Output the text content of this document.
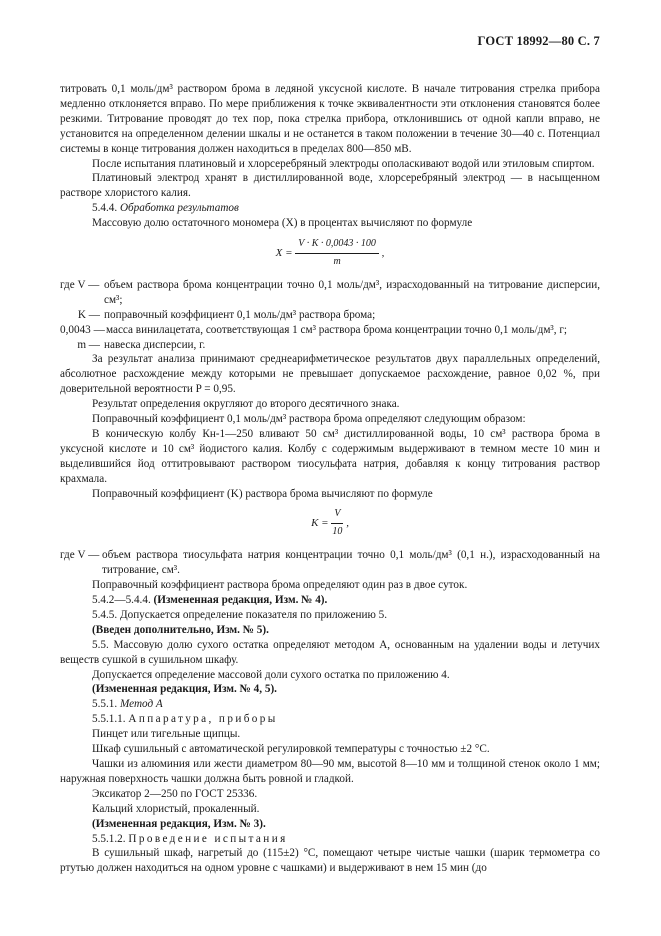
ГОСТ 18992—80 С. 7

титровать 0,1 моль/дм³ раствором брома в ледяной уксусной кислоте. В начале титрования стрелка прибора медленно отклоняется вправо. По мере приближения к точке эквивалентности эти отклонения становятся более резкими. Титрование проводят до тех пор, пока стрелка прибора, отклонившись от одной капли вправо, не установится на определенном делении шкалы и не останется в таком положении в течение 30—40 с. Потенциал системы в конце титрования должен находиться в пределах 800—850 мВ.

После испытания платиновый и хлорсеребряный электроды ополаскивают водой или этиловым спиртом.

Платиновый электрод хранят в дистиллированной воде, хлорсеребряный электрод — в насыщенном растворе хлористого калия.

5.4.4. Обработка результатов

Массовую долю остаточного мономера (X) в процентах вычисляют по формуле

$X = \frac{V \cdot K \cdot 0,0043 \cdot 100}{m}$ ,
где V — объем раствора брома концентрации точно 0,1 моль/дм³, израсходованный на титрование дисперсии, см³;
K — поправочный коэффициент 0,1 моль/дм³ раствора брома;
0,0043 — масса винилацетата, соответствующая 1 см³ раствора брома концентрации точно 0,1 моль/дм³, г;
m — навеска дисперсии, г.

За результат анализа принимают среднеарифметическое результатов двух параллельных определений, абсолютное расхождение между которыми не превышает допускаемое расхождение, равное 0,02 %, при доверительной вероятности P = 0,95.

Результат определения округляют до второго десятичного знака.

Поправочный коэффициент 0,1 моль/дм³ раствора брома определяют следующим образом:

В коническую колбу Кн-1—250 вливают 50 см³ дистиллированной воды, 10 см³ раствора брома в уксусной кислоте и 10 см³ йодистого калия. Колбу с содержимым выдерживают в темном месте 10 мин и выделившийся йод оттитровывают раствором тиосульфата натрия, добавляя к концу титрования раствор крахмала.

Поправочный коэффициент (K) раствора брома вычисляют по формуле

$K = \frac{V}{10}$ ,
где V — объем раствора тиосульфата натрия концентрации точно 0,1 моль/дм³ (0,1 н.), израсходованный на титрование, см³.

Поправочный коэффициент раствора брома определяют один раз в двое суток.

5.4.2—5.4.4. (Измененная редакция, Изм. № 4).

5.4.5. Допускается определение показателя по приложению 5.

(Введен дополнительно, Изм. № 5).

5.5. Массовую долю сухого остатка определяют методом А, основанным на удалении воды и летучих веществ сушкой в сушильном шкафу.

Допускается определение массовой доли сухого остатка по приложению 4.

(Измененная редакция, Изм. № 4, 5).

5.5.1. Метод А

5.5.1.1. Аппаратура, приборы

Пинцет или тигельные щипцы.

Шкаф сушильный с автоматической регулировкой температуры с точностью ±2 °С.

Чашки из алюминия или жести диаметром 80—90 мм, высотой 8—10 мм и толщиной стенок около 1 мм; наружная поверхность чашки должна быть ровной и гладкой.

Эксикатор 2—250 по ГОСТ 25336.

Кальций хлористый, прокаленный.

(Измененная редакция, Изм. № 3).

5.5.1.2. Проведение испытания

В сушильный шкаф, нагретый до (115±2) °С, помещают четыре чистые чашки (шарик термометра со ртутью должен находиться на одном уровне с чашками) и выдерживают в нем 15 мин (до
